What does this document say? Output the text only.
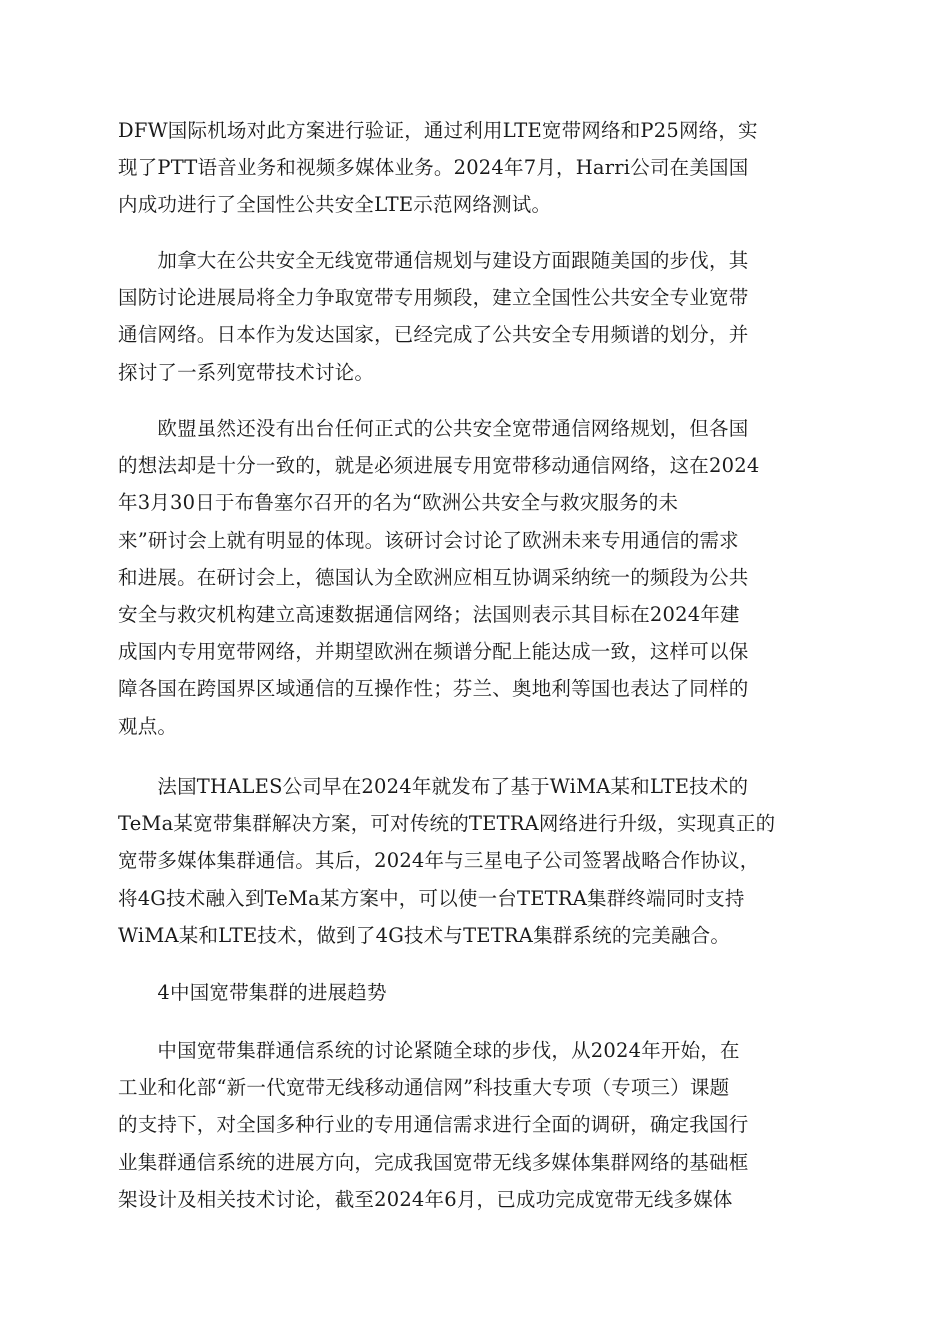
DFW国际机场对此方案进行验证，通过利用LTE宽带网络和P25网络，实
现了PTT语音业务和视频多媒体业务。2024年7月，Harri公司在美国国
内成功进行了全国性公共安全LTE示范网络测试。
　　加拿大在公共安全无线宽带通信规划与建设方面跟随美国的步伐，其
国防讨论进展局将全力争取宽带专用频段，建立全国性公共安全专业宽带
通信网络。日本作为发达国家，已经完成了公共安全专用频谱的划分，并
探讨了一系列宽带技术讨论。
　　欧盟虽然还没有出台任何正式的公共安全宽带通信网络规划，但各国
的想法却是十分一致的，就是必须进展专用宽带移动通信网络，这在2024
年3月30日于布鲁塞尔召开的名为“欧洲公共安全与救灾服务的未
来”研讨会上就有明显的体现。该研讨会讨论了欧洲未来专用通信的需求
和进展。在研讨会上，德国认为全欧洲应相互协调采纳统一的频段为公共
安全与救灾机构建立高速数据通信网络；法国则表示其目标在2024年建
成国内专用宽带网络，并期望欧洲在频谱分配上能达成一致，这样可以保
障各国在跨国界区域通信的互操作性；芬兰、奥地利等国也表达了同样的
观点。
　　法国THALES公司早在2024年就发布了基于WiMA某和LTE技术的
TeMa某宽带集群解决方案，可对传统的TETRA网络进行升级，实现真正的
宽带多媒体集群通信。其后，2024年与三星电子公司签署战略合作协议，
将4G技术融入到TeMa某方案中，可以使一台TETRA集群终端同时支持
WiMA某和LTE技术，做到了4G技术与TETRA集群系统的完美融合。
　　4中国宽带集群的进展趋势
　　中国宽带集群通信系统的讨论紧随全球的步伐，从2024年开始，在
工业和化部“新一代宽带无线移动通信网”科技重大专项（专项三）课题
的支持下，对全国多种行业的专用通信需求进行全面的调研，确定我国行
业集群通信系统的进展方向，完成我国宽带无线多媒体集群网络的基础框
架设计及相关技术讨论，截至2024年6月，已成功完成宽带无线多媒体
